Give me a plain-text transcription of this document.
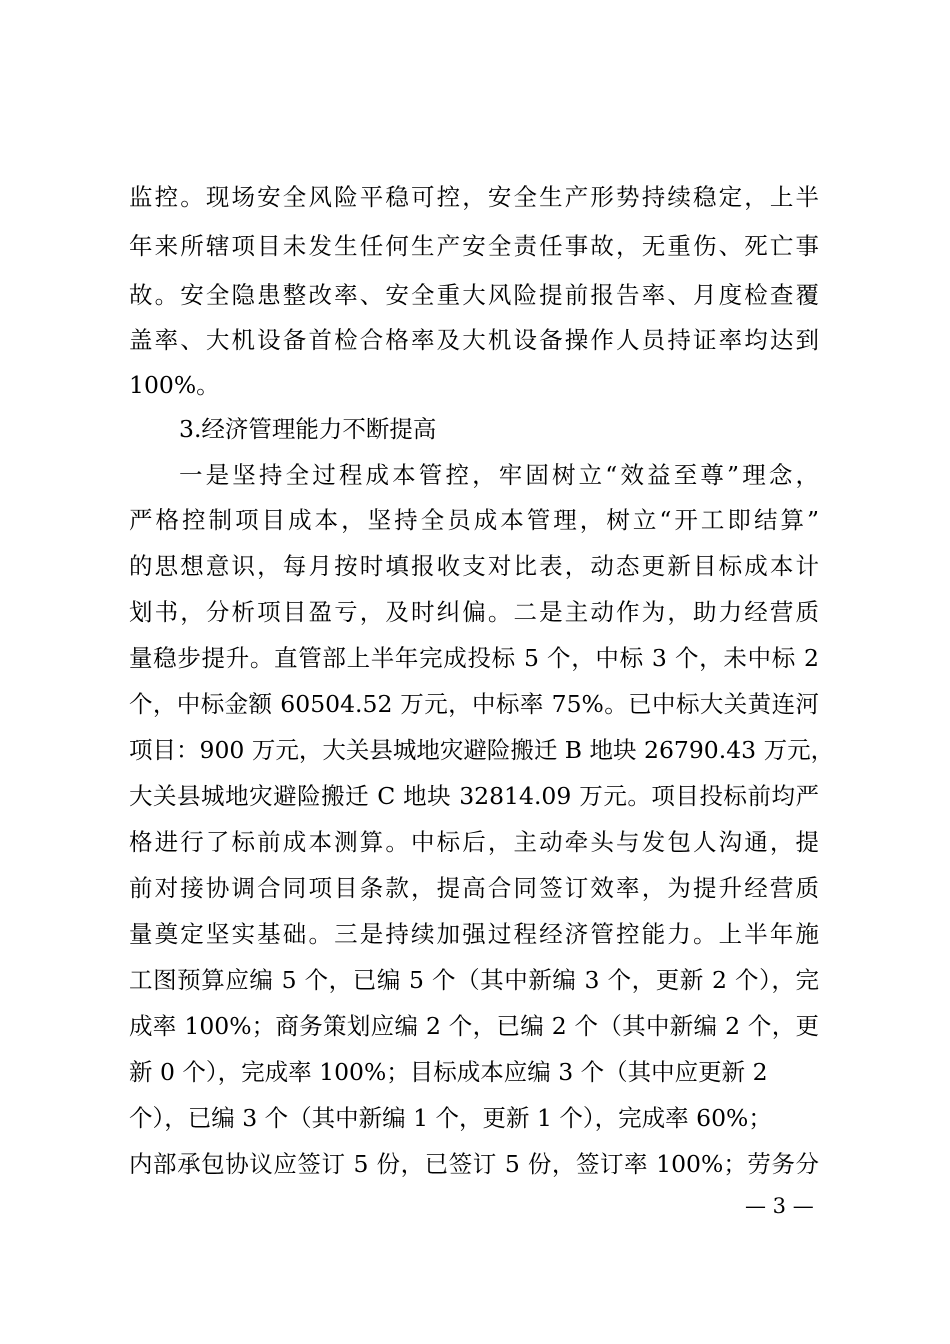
监控。现场安全风险平稳可控，安全生产形势持续稳定，上半
年来所辖项目未发生任何生产安全责任事故，无重伤、死亡事
故。安全隐患整改率、安全重大风险提前报告率、月度检查覆
盖率、大机设备首检合格率及大机设备操作人员持证率均达到
100%。
3.经济管理能力不断提高
一是坚持全过程成本管控，牢固树立“效益至尊”理念，
严格控制项目成本，坚持全员成本管理，树立“开工即结算”
的思想意识，每月按时填报收支对比表，动态更新目标成本计
划书，分析项目盈亏，及时纠偏。二是主动作为，助力经营质
量稳步提升。直管部上半年完成投标 5 个，中标 3 个，未中标 2
个，中标金额 60504.52 万元，中标率 75%。已中标大关黄连河
项目：900 万元，大关县城地灾避险搬迁 B 地块 26790.43 万元，
大关县城地灾避险搬迁 C 地块 32814.09 万元。项目投标前均严
格进行了标前成本测算。中标后，主动牵头与发包人沟通，提
前对接协调合同项目条款，提高合同签订效率，为提升经营质
量奠定坚实基础。三是持续加强过程经济管控能力。上半年施
工图预算应编 5 个，已编 5 个（其中新编 3 个，更新 2 个），完
成率 100%；商务策划应编 2 个，已编 2 个（其中新编 2 个，更
新 0 个），完成率 100%；目标成本应编 3 个（其中应更新 2
个），已编 3 个（其中新编 1 个，更新 1 个），完成率 60%；
内部承包协议应签订 5 份，已签订 5 份，签订率 100%；劳务分
— 3 —
